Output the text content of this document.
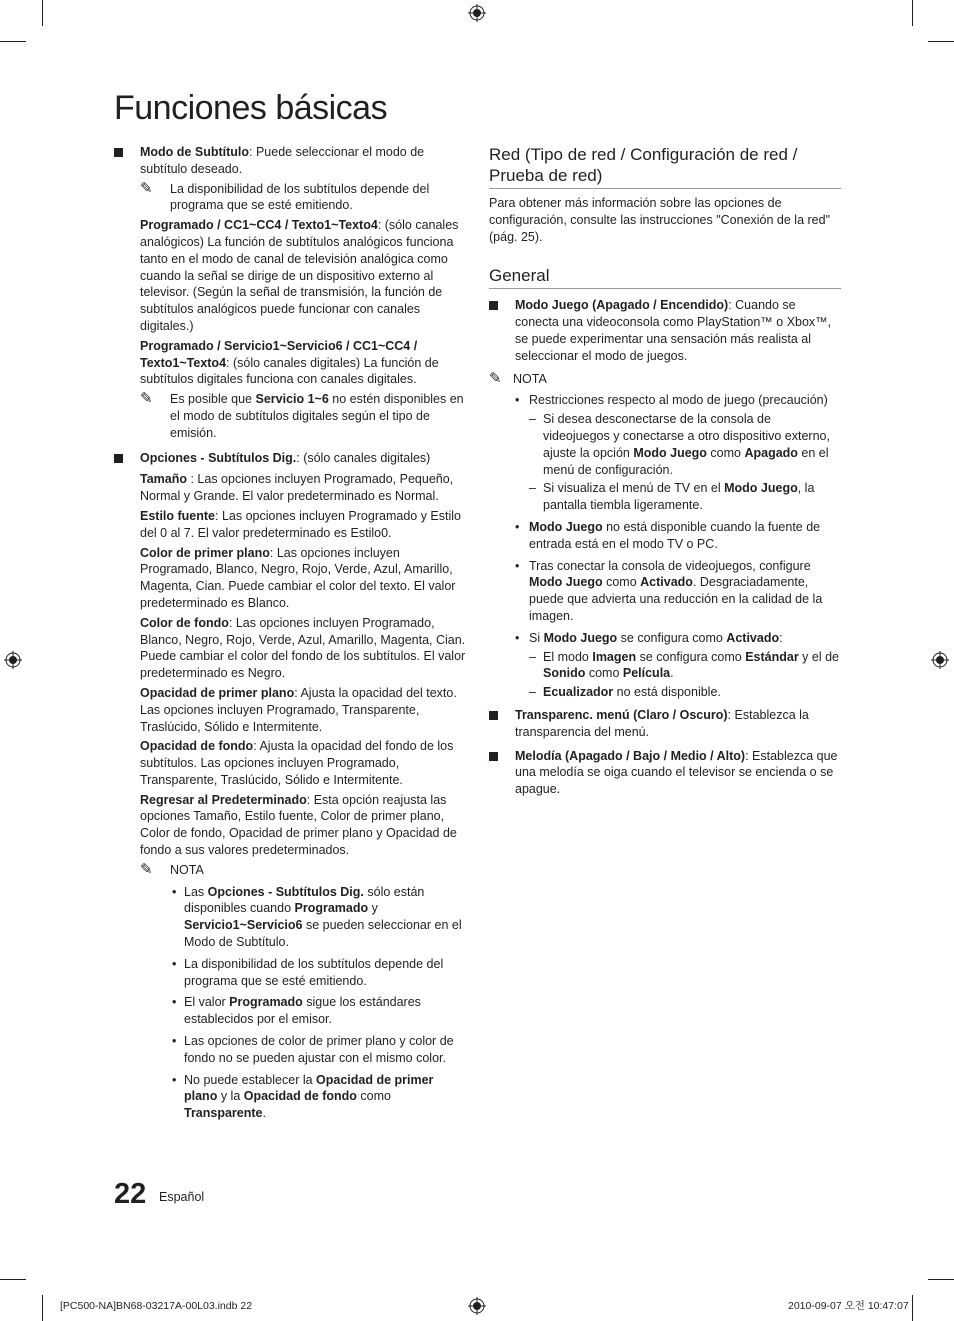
Funciones básicas

Modo de Subtítulo: Puede seleccionar el modo de subtítulo deseado.

✎ La disponibilidad de los subtítulos depende del programa que se esté emitiendo.

Programado / CC1~CC4 / Texto1~Texto4: (sólo canales analógicos) La función de subtítulos analógicos funciona tanto en el modo de canal de televisión analógica como cuando la señal se dirige de un dispositivo externo al televisor. (Según la señal de transmisión, la función de subtítulos analógicos puede funcionar con canales digitales.)

Programado / Servicio1~Servicio6 / CC1~CC4 / Texto1~Texto4: (sólo canales digitales) La función de subtítulos digitales funciona con canales digitales.

✎ Es posible que Servicio 1~6 no estén disponibles en el modo de subtítulos digitales según el tipo de emisión.

Opciones - Subtítulos Dig.: (sólo canales digitales)

Tamaño : Las opciones incluyen Programado, Pequeño, Normal y Grande. El valor predeterminado es Normal.

Estilo fuente: Las opciones incluyen Programado y Estilo del 0 al 7. El valor predeterminado es Estilo0.

Color de primer plano: Las opciones incluyen Programado, Blanco, Negro, Rojo, Verde, Azul, Amarillo, Magenta, Cian. Puede cambiar el color del texto. El valor predeterminado es Blanco.

Color de fondo: Las opciones incluyen Programado, Blanco, Negro, Rojo, Verde, Azul, Amarillo, Magenta, Cian. Puede cambiar el color del fondo de los subtítulos. El valor predeterminado es Negro.

Opacidad de primer plano: Ajusta la opacidad del texto. Las opciones incluyen Programado, Transparente, Traslúcido, Sólido e Intermitente.

Opacidad de fondo: Ajusta la opacidad del fondo de los subtítulos. Las opciones incluyen Programado, Transparente, Traslúcido, Sólido e Intermitente.

Regresar al Predeterminado: Esta opción reajusta las opciones Tamaño, Estilo fuente, Color de primer plano, Color de fondo, Opacidad de primer plano y Opacidad de fondo a sus valores predeterminados.

✎ NOTA

• Las Opciones - Subtítulos Dig. sólo están disponibles cuando Programado y Servicio1~Servicio6 se pueden seleccionar en el Modo de Subtítulo.

• La disponibilidad de los subtítulos depende del programa que se esté emitiendo.

• El valor Programado sigue los estándares establecidos por el emisor.

• Las opciones de color de primer plano y color de fondo no se pueden ajustar con el mismo color.

• No puede establecer la Opacidad de primer plano y la Opacidad de fondo como Transparente.

Red (Tipo de red / Configuración de red / Prueba de red)

Para obtener más información sobre las opciones de configuración, consulte las instrucciones "Conexión de la red" (pág. 25).

General

Modo Juego (Apagado / Encendido): Cuando se conecta una videoconsola como PlayStation™ o Xbox™, se puede experimentar una sensación más realista al seleccionar el modo de juegos.

✎ NOTA

• Restricciones respecto al modo de juego (precaución)

– Si desea desconectarse de la consola de videojuegos y conectarse a otro dispositivo externo, ajuste la opción Modo Juego como Apagado en el menú de configuración.

– Si visualiza el menú de TV en el Modo Juego, la pantalla tiembla ligeramente.

• Modo Juego no está disponible cuando la fuente de entrada está en el modo TV o PC.

• Tras conectar la consola de videojuegos, configure Modo Juego como Activado. Desgraciadamente, puede que advierta una reducción en la calidad de la imagen.

• Si Modo Juego se configura como Activado:

– El modo Imagen se configura como Estándar y el de Sonido como Película.

– Ecualizador no está disponible.

Transparenc. menú (Claro / Oscuro): Establezca la transparencia del menú.

Melodía (Apagado / Bajo / Medio / Alto): Establezca que una melodía se oiga cuando el televisor se encienda o se apague.

22 Español
[PC500-NA]BN68-03217A-00L03.indb 22	2010-09-07 오전 10:47:07
